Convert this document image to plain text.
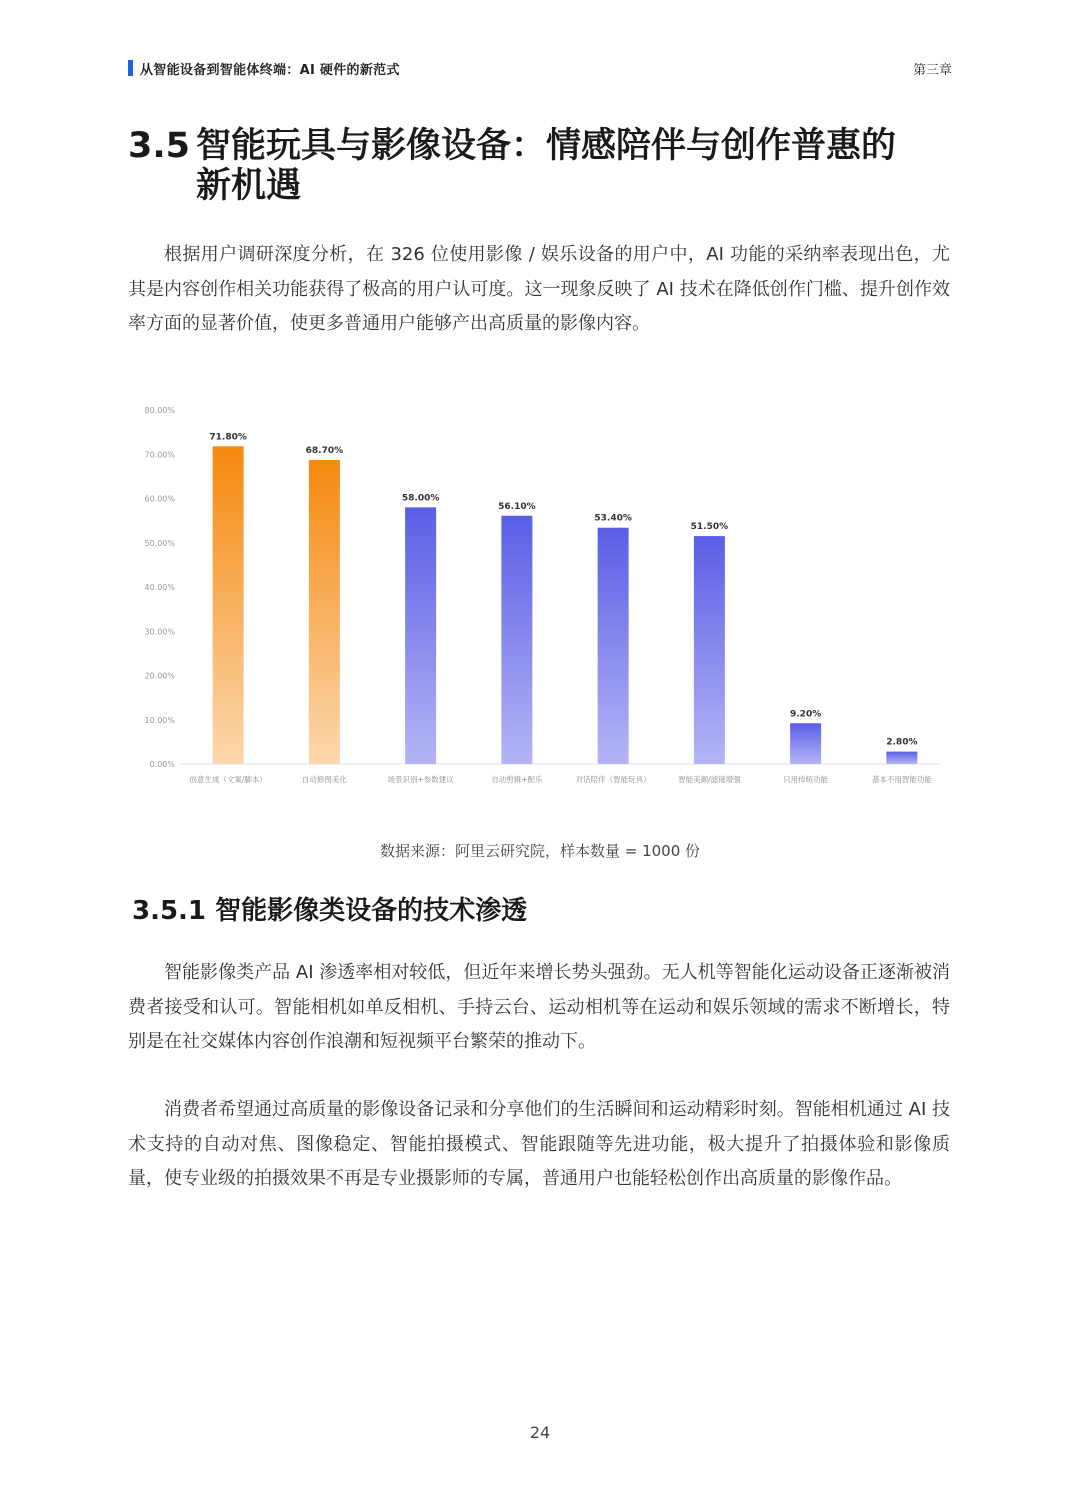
从智能设备到智能体终端：AI 硬件的新范式	第三章
3.5 智能玩具与影像设备：情感陪伴与创作普惠的
新机遇

根据用户调研深度分析，在 326 位使用影像 / 娱乐设备的用户中，AI 功能的采纳率表现出色，尤其是内容创作相关功能获得了极高的用户认可度。这一现象反映了 AI 技术在降低创作门槛、提升创作效率方面的显著价值，使更多普通用户能够产出高质量的影像内容。

0.00%
10.00%
20.00%
30.00%
40.00%
50.00%
60.00%
70.00%
80.00%
71.80%
68.70%
58.00%
56.10%
53.40%
51.50%
9.20%
2.80%
创意生成（文案/脚本）	自动修图美化	场景识别+参数建议	自动剪辑+配乐	对话陪伴（智能玩具）	智能美颜/滤镜增强	只用传统功能	基本不用智能功能
数据来源：阿里云研究院，样本数量 = 1000 份
3.5.1 智能影像类设备的技术渗透

智能影像类产品 AI 渗透率相对较低，但近年来增长势头强劲。无人机等智能化运动设备正逐渐被消费者接受和认可。智能相机如单反相机、手持云台、运动相机等在运动和娱乐领域的需求不断增长，特别是在社交媒体内容创作浪潮和短视频平台繁荣的推动下。

消费者希望通过高质量的影像设备记录和分享他们的生活瞬间和运动精彩时刻。智能相机通过 AI 技术支持的自动对焦、图像稳定、智能拍摄模式、智能跟随等先进功能，极大提升了拍摄体验和影像质量，使专业级的拍摄效果不再是专业摄影师的专属，普通用户也能轻松创作出高质量的影像作品。

24
